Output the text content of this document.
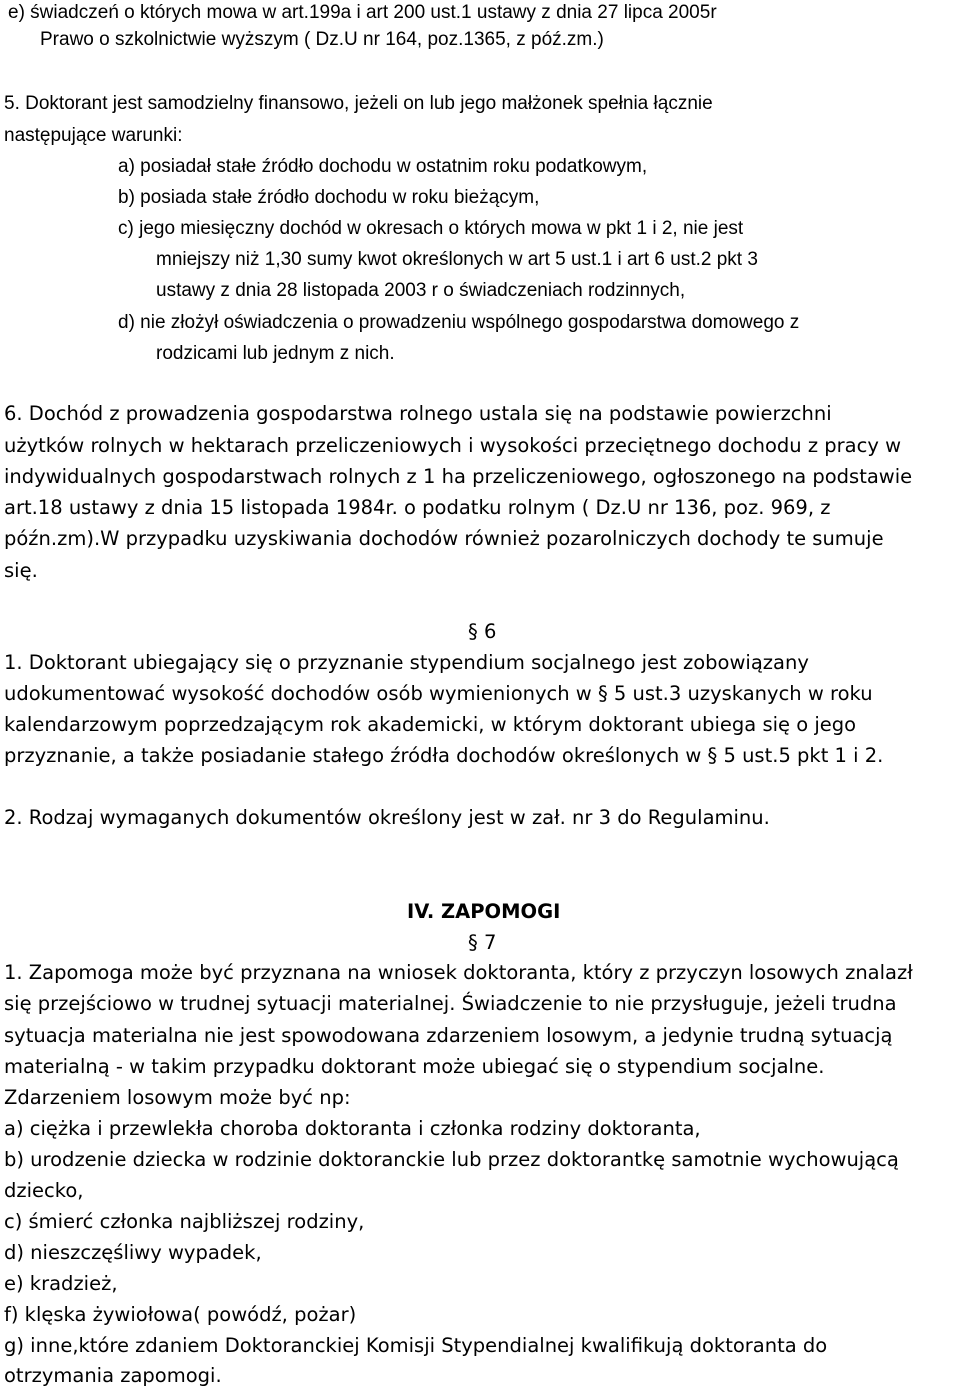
e) świadczeń o których mowa w art.199a i art 200 ust.1 ustawy z dnia 27 lipca 2005r

Prawo o szkolnictwie wyższym ( Dz.U nr 164, poz.1365, z póź.zm.)

5. Doktorant jest samodzielny finansowo, jeżeli on lub jego małżonek spełnia łącznie

następujące warunki:

a) posiadał stałe źródło dochodu w ostatnim roku podatkowym,

b) posiada stałe źródło dochodu w roku bieżącym,

c) jego miesięczny dochód w okresach o których mowa w pkt 1 i 2, nie jest

mniejszy niż 1,30 sumy kwot określonych w art 5 ust.1 i art 6 ust.2 pkt 3

ustawy z dnia 28 listopada 2003 r o świadczeniach rodzinnych,

d) nie złożył oświadczenia o prowadzeniu wspólnego gospodarstwa domowego z

rodzicami lub jednym z nich.

6. Dochód z prowadzenia gospodarstwa rolnego ustala się na podstawie powierzchni

użytków rolnych w hektarach przeliczeniowych i wysokości przeciętnego dochodu z pracy w

indywidualnych gospodarstwach rolnych z 1 ha przeliczeniowego, ogłoszonego na podstawie

art.18 ustawy z dnia 15 listopada 1984r. o podatku rolnym ( Dz.U nr 136, poz. 969, z

późn.zm).W przypadku uzyskiwania dochodów również pozarolniczych dochody te sumuje

się.

§ 6

1. Doktorant ubiegający się o przyznanie stypendium socjalnego jest zobowiązany

udokumentować wysokość dochodów osób wymienionych w § 5 ust.3 uzyskanych w roku

kalendarzowym poprzedzającym rok akademicki, w którym doktorant ubiega się o jego

przyznanie, a także posiadanie stałego źródła dochodów określonych w § 5 ust.5 pkt 1 i 2.

2. Rodzaj wymaganych dokumentów określony jest w zał. nr 3 do Regulaminu.

IV. ZAPOMOGI

§ 7

1. Zapomoga może być przyznana na wniosek doktoranta, który z przyczyn losowych znalazł

się przejściowo w trudnej sytuacji materialnej. Świadczenie to nie przysługuje, jeżeli trudna

sytuacja materialna nie jest spowodowana zdarzeniem losowym, a jedynie trudną sytuacją

materialną - w takim przypadku doktorant może ubiegać się o stypendium socjalne.

Zdarzeniem losowym może być np:

a) ciężka i przewlekła choroba doktoranta i członka rodziny doktoranta,

b) urodzenie dziecka w rodzinie doktoranckie lub przez doktorantkę samotnie wychowującą

dziecko,

c) śmierć członka najbliższej rodziny,

d) nieszczęśliwy wypadek,

e) kradzież,

f) klęska żywiołowa( powódź, pożar)

g) inne,które zdaniem Doktoranckiej Komisji Stypendialnej kwalifikują doktoranta do

otrzymania zapomogi.
